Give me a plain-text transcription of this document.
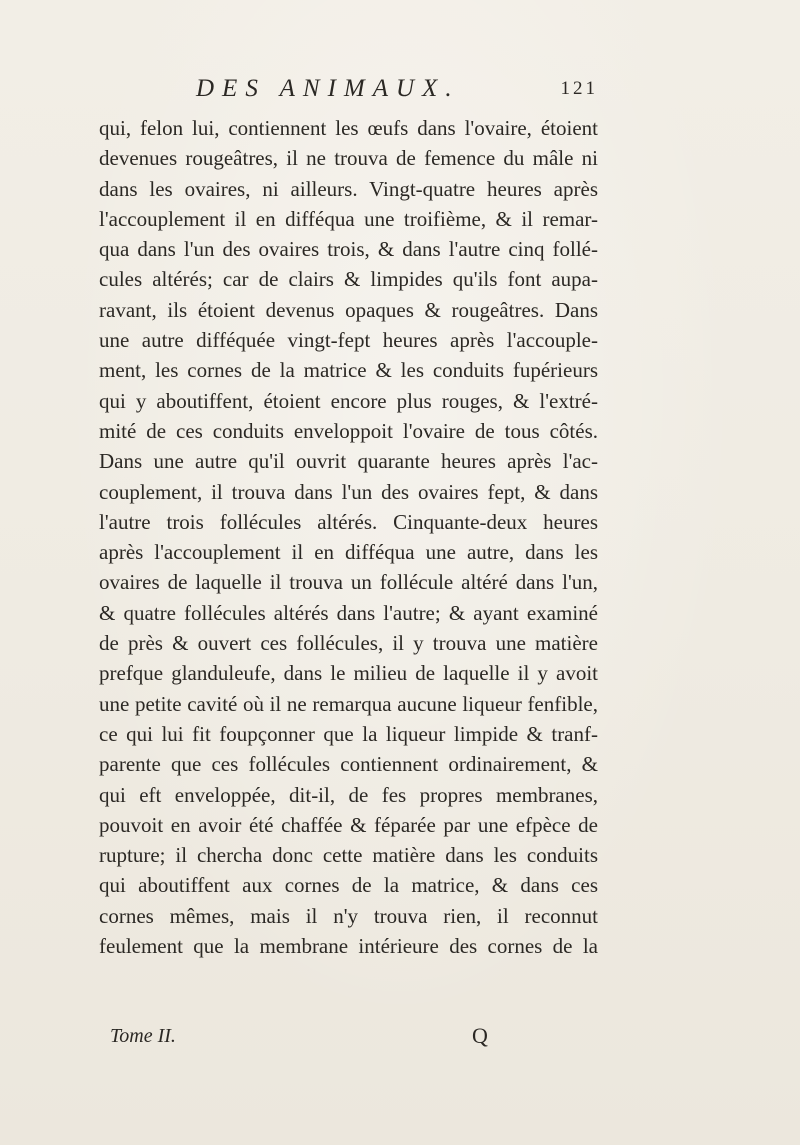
DES ANIMAUX.	121
qui, felon lui, contiennent les œufs dans l'ovaire, étoient
devenues rougeâtres, il ne trouva de femence du mâle ni
dans les ovaires, ni ailleurs. Vingt-quatre heures après
l'accouplement il en difféqua une troifième, & il remar-
qua dans l'un des ovaires trois, & dans l'autre cinq follé-
cules altérés; car de clairs & limpides qu'ils font aupa-
ravant, ils étoient devenus opaques & rougeâtres. Dans
une autre difféquée vingt-fept heures après l'accouple-
ment, les cornes de la matrice & les conduits fupérieurs
qui y aboutiffent, étoient encore plus rouges, & l'extré-
mité de ces conduits enveloppoit l'ovaire de tous côtés.
Dans une autre qu'il ouvrit quarante heures après l'ac-
couplement, il trouva dans l'un des ovaires fept, & dans
l'autre trois follécules altérés. Cinquante-deux heures
après l'accouplement il en difféqua une autre, dans les
ovaires de laquelle il trouva un follécule altéré dans l'un,
& quatre follécules altérés dans l'autre; & ayant examiné
de près & ouvert ces follécules, il y trouva une matière
prefque glanduleufe, dans le milieu de laquelle il y avoit
une petite cavité où il ne remarqua aucune liqueur fenfible,
ce qui lui fit foupçonner que la liqueur limpide & tranf-
parente que ces follécules contiennent ordinairement, &
qui eft enveloppée, dit-il, de fes propres membranes,
pouvoit en avoir été chaffée & féparée par une efpèce de
rupture; il chercha donc cette matière dans les conduits
qui aboutiffent aux cornes de la matrice, & dans ces
cornes mêmes, mais il n'y trouva rien, il reconnut
feulement que la membrane intérieure des cornes de la
Tome II.	Q
